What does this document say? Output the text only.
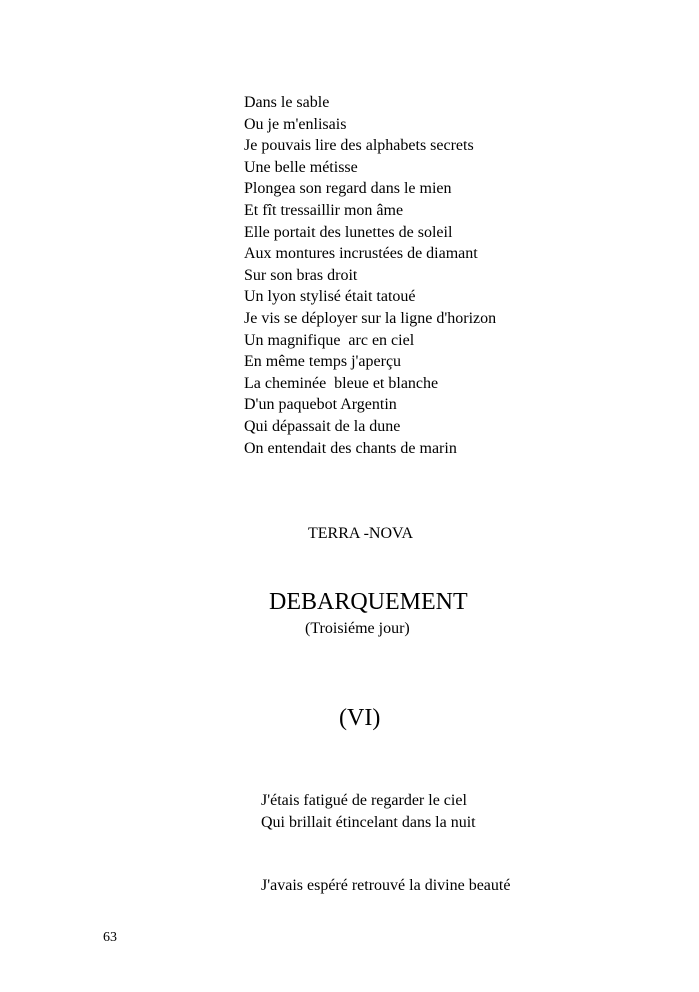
Dans le sable
Ou je m'enlisais
Je pouvais lire des alphabets secrets
Une belle métisse
Plongea son regard dans le mien
Et fît tressaillir mon âme
Elle portait des lunettes de soleil
Aux montures incrustées de diamant
Sur son bras droit
Un lyon stylisé était tatoué
Je vis se déployer sur la ligne d'horizon
Un magnifique  arc en ciel
En même temps j'aperçu
La cheminée  bleue et blanche
D'un paquebot Argentin
Qui dépassait de la dune
On entendait des chants de marin
TERRA -NOVA
DEBARQUEMENT
(Troisiéme jour)
(VI)
J'étais fatigué de regarder le ciel
Qui brillait étincelant dans la nuit
J'avais espéré retrouvé la divine beauté
63
